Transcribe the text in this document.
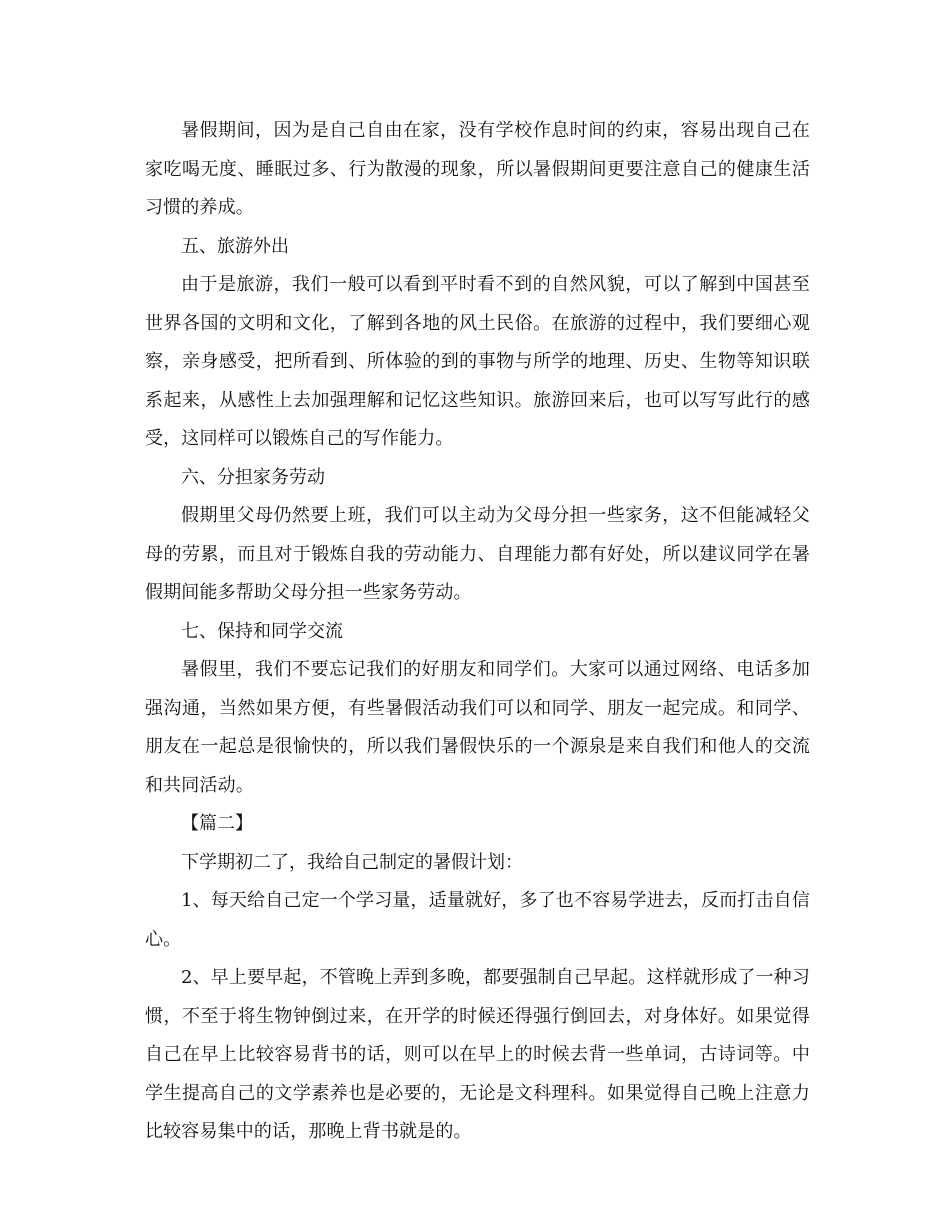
暑假期间，因为是自己自由在家，没有学校作息时间的约束，容易出现自己在家吃喝无度、睡眠过多、行为散漫的现象，所以暑假期间更要注意自己的健康生活习惯的养成。

五、旅游外出

由于是旅游，我们一般可以看到平时看不到的自然风貌，可以了解到中国甚至世界各国的文明和文化，了解到各地的风土民俗。在旅游的过程中，我们要细心观察，亲身感受，把所看到、所体验的到的事物与所学的地理、历史、生物等知识联系起来，从感性上去加强理解和记忆这些知识。旅游回来后，也可以写写此行的感受，这同样可以锻炼自己的写作能力。

六、分担家务劳动

假期里父母仍然要上班，我们可以主动为父母分担一些家务，这不但能减轻父母的劳累，而且对于锻炼自我的劳动能力、自理能力都有好处，所以建议同学在暑假期间能多帮助父母分担一些家务劳动。

七、保持和同学交流

暑假里，我们不要忘记我们的好朋友和同学们。大家可以通过网络、电话多加强沟通，当然如果方便，有些暑假活动我们可以和同学、朋友一起完成。和同学、朋友在一起总是很愉快的，所以我们暑假快乐的一个源泉是来自我们和他人的交流和共同活动。

【篇二】

下学期初二了，我给自己制定的暑假计划：

1、每天给自己定一个学习量，适量就好，多了也不容易学进去，反而打击自信心。

2、早上要早起，不管晚上弄到多晚，都要强制自己早起。这样就形成了一种习惯，不至于将生物钟倒过来，在开学的时候还得强行倒回去，对身体好。如果觉得自己在早上比较容易背书的话，则可以在早上的时候去背一些单词，古诗词等。中学生提高自己的文学素养也是必要的，无论是文科理科。如果觉得自己晚上注意力比较容易集中的话，那晚上背书就是的。
